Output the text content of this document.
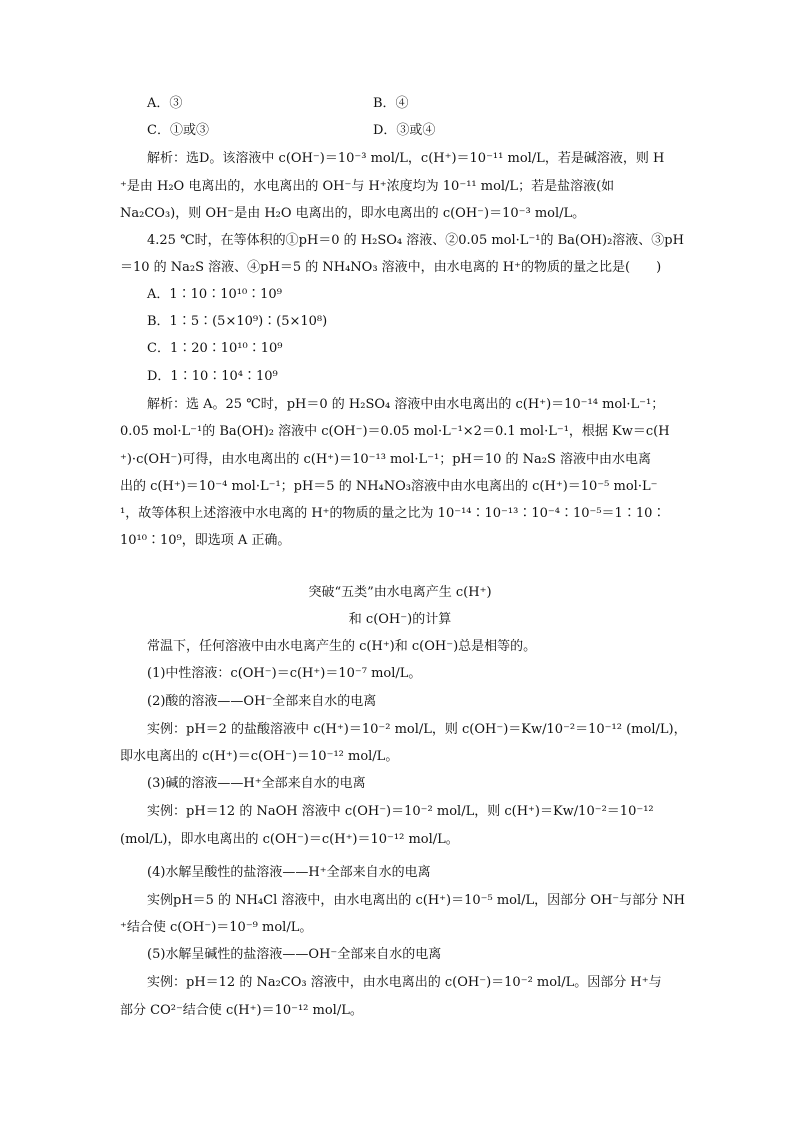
A．③	B．④
C．①或③	D．③或④
解析：选D。该溶液中 c(OH⁻)＝10⁻³ mol/L，c(H⁺)＝10⁻¹¹ mol/L，若是碱溶液，则 H
⁺是由 H₂O 电离出的，水电离出的 OH⁻与 H⁺浓度均为 10⁻¹¹ mol/L；若是盐溶液(如
Na₂CO₃)，则 OH⁻是由 H₂O 电离出的，即水电离出的 c(OH⁻)＝10⁻³ mol/L。
4.25 ℃时，在等体积的①pH＝0 的 H₂SO₄ 溶液、②0.05 mol·L⁻¹的 Ba(OH)₂溶液、③pH
＝10 的 Na₂S 溶液、④pH＝5 的 NH₄NO₃ 溶液中，由水电离的 H⁺的物质的量之比是(　　)
A．1∶10∶10¹⁰∶10⁹
B．1∶5∶(5×10⁹)∶(5×10⁸)
C．1∶20∶10¹⁰∶10⁹
D．1∶10∶10⁴∶10⁹
解析：选 A。25 ℃时，pH＝0 的 H₂SO₄ 溶液中由水电离出的 c(H⁺)＝10⁻¹⁴ mol·L⁻¹；
0.05 mol·L⁻¹的 Ba(OH)₂ 溶液中 c(OH⁻)＝0.05 mol·L⁻¹×2＝0.1 mol·L⁻¹，根据 Kw＝c(H
⁺)·c(OH⁻)可得，由水电离出的 c(H⁺)＝10⁻¹³ mol·L⁻¹；pH＝10 的 Na₂S 溶液中由水电离
出的 c(H⁺)＝10⁻⁴ mol·L⁻¹；pH＝5 的 NH₄NO₃溶液中由水电离出的 c(H⁺)＝10⁻⁵ mol·L⁻
¹，故等体积上述溶液中水电离的 H⁺的物质的量之比为 10⁻¹⁴∶10⁻¹³∶10⁻⁴∶10⁻⁵＝1∶10∶
10¹⁰∶10⁹，即选项 A 正确。
突破“五类”由水电离产生 c(H⁺)
和 c(OH⁻)的计算
常温下，任何溶液中由水电离产生的 c(H⁺)和 c(OH⁻)总是相等的。
(1)中性溶液：c(OH⁻)＝c(H⁺)＝10⁻⁷ mol/L。
(2)酸的溶液——OH⁻全部来自水的电离
实例：pH＝2 的盐酸溶液中 c(H⁺)＝10⁻² mol/L，则 c(OH⁻)＝Kw/10⁻²＝10⁻¹² (mol/L)，
即水电离出的 c(H⁺)＝c(OH⁻)＝10⁻¹² mol/L。
(3)碱的溶液——H⁺全部来自水的电离
实例：pH＝12 的 NaOH 溶液中 c(OH⁻)＝10⁻² mol/L，则 c(H⁺)＝Kw/10⁻²＝10⁻¹²
(mol/L)，即水电离出的 c(OH⁻)＝c(H⁺)＝10⁻¹² mol/L。
(4)水解呈酸性的盐溶液——H⁺全部来自水的电离
实例pH＝5 的 NH₄Cl 溶液中，由水电离出的 c(H⁺)＝10⁻⁵ mol/L，因部分 OH⁻与部分 NH
⁺结合使 c(OH⁻)＝10⁻⁹ mol/L。
(5)水解呈碱性的盐溶液——OH⁻全部来自水的电离
实例：pH＝12 的 Na₂CO₃ 溶液中，由水电离出的 c(OH⁻)＝10⁻² mol/L。因部分 H⁺与
部分 CO²⁻结合使 c(H⁺)＝10⁻¹² mol/L。
